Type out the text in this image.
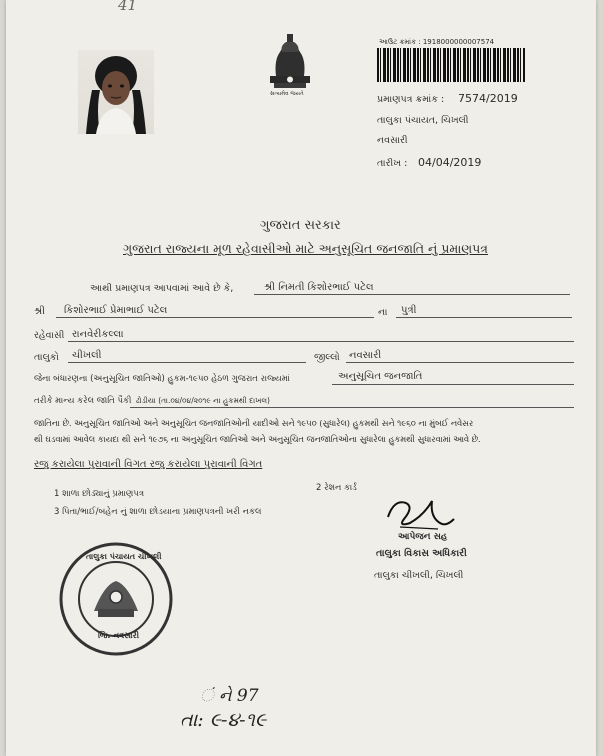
41
સત્યમેવ જયતે
આઉટ ક્રમાંક : 1918000000007574
પ્રમાણપત્ર ક્રમાંક : 7574/2019
તાલુકા પંચાયત, ચિખલી
નવસારી
તારીખ : 04/04/2019
ગુજરાત સરકાર
ગુજરાત રાજ્યના મૂળ રહેવાસીઓ માટે અનુસૂચિત જનજાતિ નું પ્રમાણપત્ર
આથી પ્રમાણપત્ર આપવામાં આવે છે કે,	શ્રી નિમતી કિશોરભાઈ પટેલ
શ્રી કિશોરભાઈ પ્રેમાભાઈ પટેલ	ના પુત્રી
રહેવાસી રાનવેરીકલ્લા
તાલુકો ચીખલી	જીલ્લો નવસારી
જેના બંધારણના (અનુસૂચિત જાતિઓ) હુકમ-૧૯૫૦ હેઠળ ગુજરાત રાજ્યમાં	અનુસૂચિત જનજાતિ
તરીકે માન્ય કરેલ જાતિ પૈકી ઢોડીયા (તા.૦૪/૦૪/૨૦૧૯ ના હુકમથી દાખલ)
જાતિના છે. અનુસૂચિત જાતિઓ અને અનુસૂચિત જનજાતિઓની યાદીઓ સને ૧૯૫૦ (સુધારેલ) હુકમથી સને ૧૯૬૦ ના મુંબઈ નવેસર
થી ઘડવામાં આવેલ કાયદા થી સને ૧૯૭૬ ના અનુસૂચિત જાતિઓ અને અનુસૂચિત જનજાતિઓના સુધારેલા હુકમથી સુધારવામાં આવે છે.
રજુ કરાયેલા પુરાવાની વિગત રજુ કરાયેલા પુરાવાની વિગત
1 શાળા છોડ્યાનું પ્રમાણપત્ર
2 રેશન કાર્ડ
3 પિતા/ભાઈ/બહેન નું શાળા છોડયાના પ્રમાણપત્રની ખરી નકલ
આપેજન સહ
તાલુકા વિકાસ અધિકારી
તાલુકા ચીખલી, ચિખલી
તાલુકા પંચાયત ચીખલી
જિ. નવસારી
ં ને 97
તા: ૯-૪-૧૯
